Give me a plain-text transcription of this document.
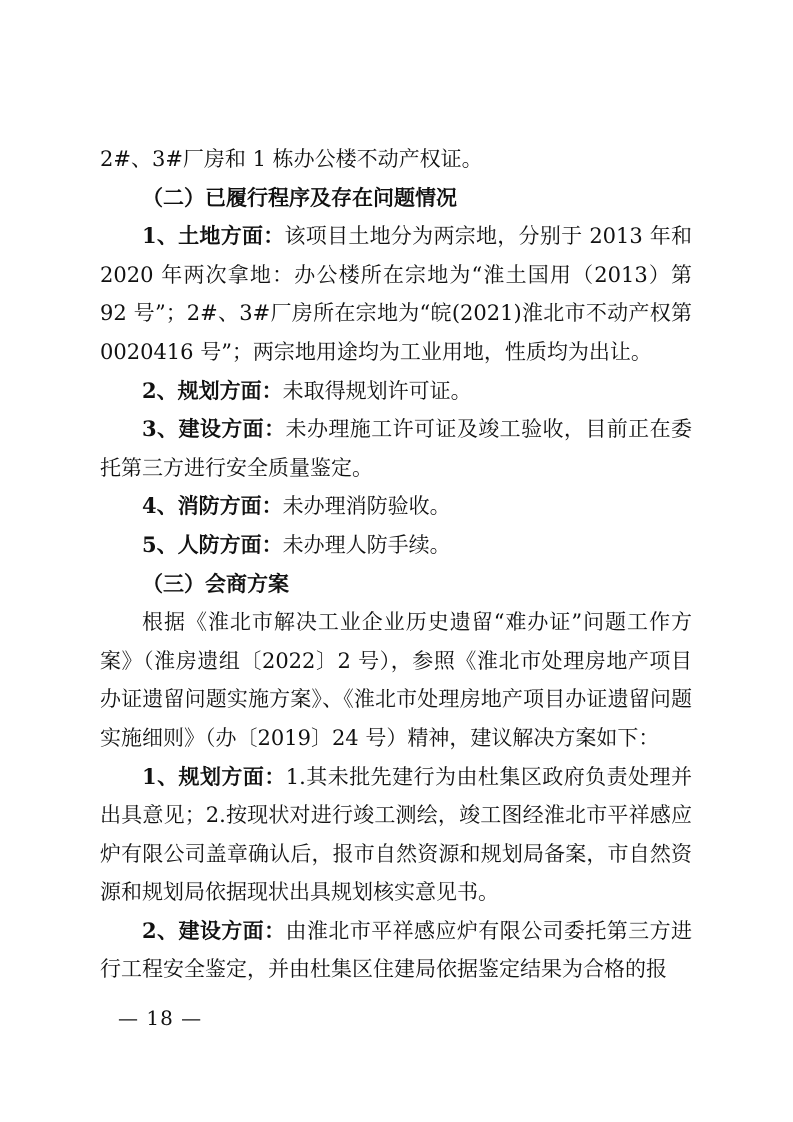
2#、3#厂房和 1 栋办公楼不动产权证。

（二）已履行程序及存在问题情况

1、土地方面：该项目土地分为两宗地，分别于 2013 年和 2020 年两次拿地：办公楼所在宗地为“淮土国用（2013）第 92 号”；2#、3#厂房所在宗地为“皖(2021)淮北市不动产权第 0020416 号”；两宗地用途均为工业用地，性质均为出让。

2、规划方面：未取得规划许可证。

3、建设方面：未办理施工许可证及竣工验收，目前正在委托第三方进行安全质量鉴定。

4、消防方面：未办理消防验收。

5、人防方面：未办理人防手续。

（三）会商方案

根据《淮北市解决工业企业历史遗留“难办证”问题工作方案》（淮房遗组〔2022〕2 号），参照《淮北市处理房地产项目办证遗留问题实施方案》、《淮北市处理房地产项目办证遗留问题实施细则》（办〔2019〕24 号）精神，建议解决方案如下：

1、规划方面：1.其未批先建行为由杜集区政府负责处理并出具意见；2.按现状对进行竣工测绘，竣工图经淮北市平祥感应炉有限公司盖章确认后，报市自然资源和规划局备案，市自然资源和规划局依据现状出具规划核实意见书。

2、建设方面：由淮北市平祥感应炉有限公司委托第三方进行工程安全鉴定，并由杜集区住建局依据鉴定结果为合格的报

— 18 —
